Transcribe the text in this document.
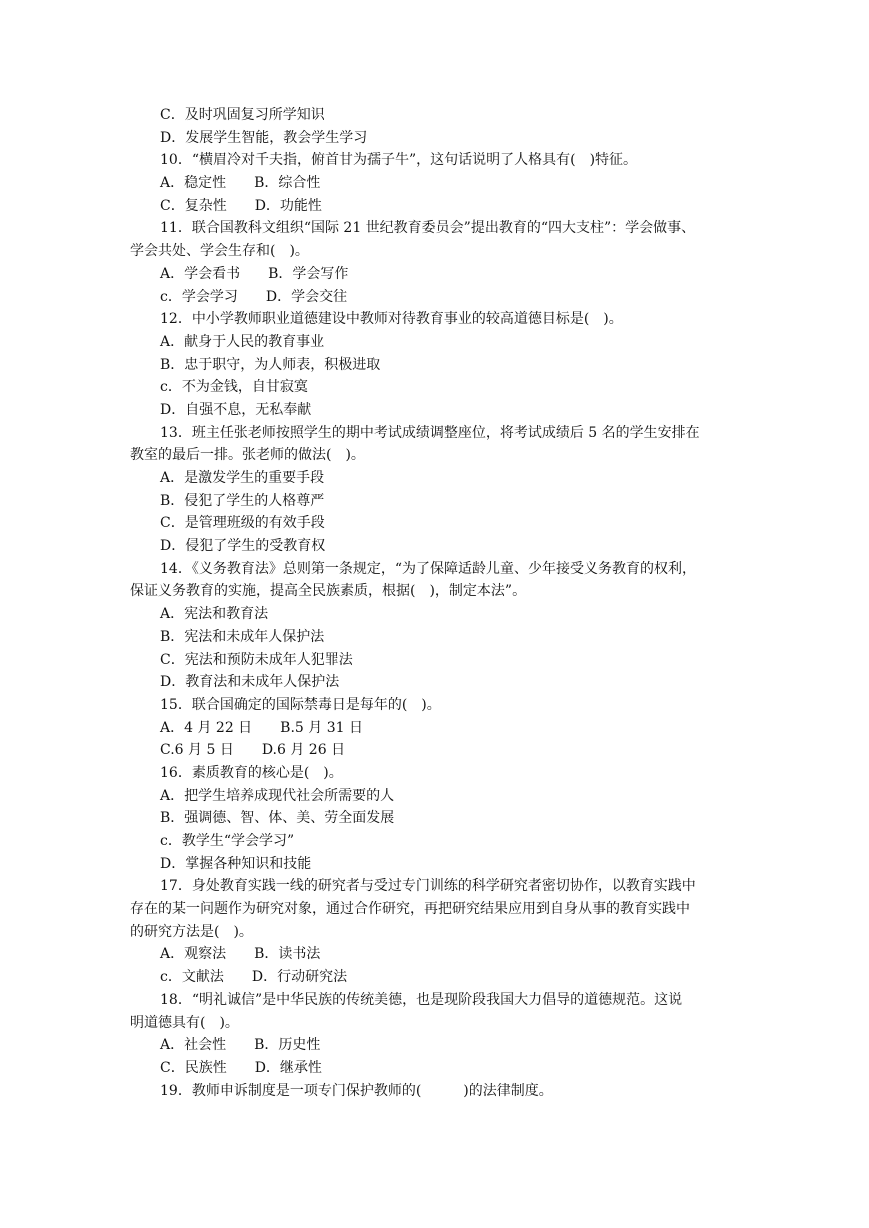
C．及时巩固复习所学知识
D．发展学生智能，教会学生学习
10．“横眉冷对千夫指，俯首甘为孺子牛”，这句话说明了人格具有(　)特征。
A．稳定性　　B．综合性
C．复杂性　　D．功能性
11．联合国教科文组织“国际 21 世纪教育委员会”提出教育的“四大支柱”：学会做事、
学会共处、学会生存和(　)。
A．学会看书　　B．学会写作
c．学会学习　　D．学会交往
12．中小学教师职业道德建设中教师对待教育事业的较高道德目标是(　)。
A．献身于人民的教育事业
B．忠于职守，为人师表，积极进取
c．不为金钱，自甘寂寞
D．自强不息，无私奉献
13．班主任张老师按照学生的期中考试成绩调整座位，将考试成绩后 5 名的学生安排在
教室的最后一排。张老师的做法(　)。
A．是激发学生的重要手段
B．侵犯了学生的人格尊严
C．是管理班级的有效手段
D．侵犯了学生的受教育权
14．《义务教育法》总则第一条规定，“为了保障适龄儿童、少年接受义务教育的权利，
保证义务教育的实施，提高全民族素质，根据(　)，制定本法”。
A．宪法和教育法
B．宪法和未成年人保护法
C．宪法和预防未成年人犯罪法
D．教育法和未成年人保护法
15．联合国确定的国际禁毒日是每年的(　)。
A．4 月 22 日　　B.5 月 31 日
C.6 月 5 日　　D.6 月 26 日
16．素质教育的核心是(　)。
A．把学生培养成现代社会所需要的人
B．强调德、智、体、美、劳全面发展
c．教学生“学会学习”
D．掌握各种知识和技能
17．身处教育实践一线的研究者与受过专门训练的科学研究者密切协作，以教育实践中
存在的某一问题作为研究对象，通过合作研究，再把研究结果应用到自身从事的教育实践中
的研究方法是(　)。
A．观察法　　B．读书法
c．文献法　　D．行动研究法
18．“明礼诚信”是中华民族的传统美德，也是现阶段我国大力倡导的道德规范。这说
明道德具有(　)。
A．社会性　　B．历史性
C．民族性　　D．继承性
19．教师申诉制度是一项专门保护教师的(　　　)的法律制度。
